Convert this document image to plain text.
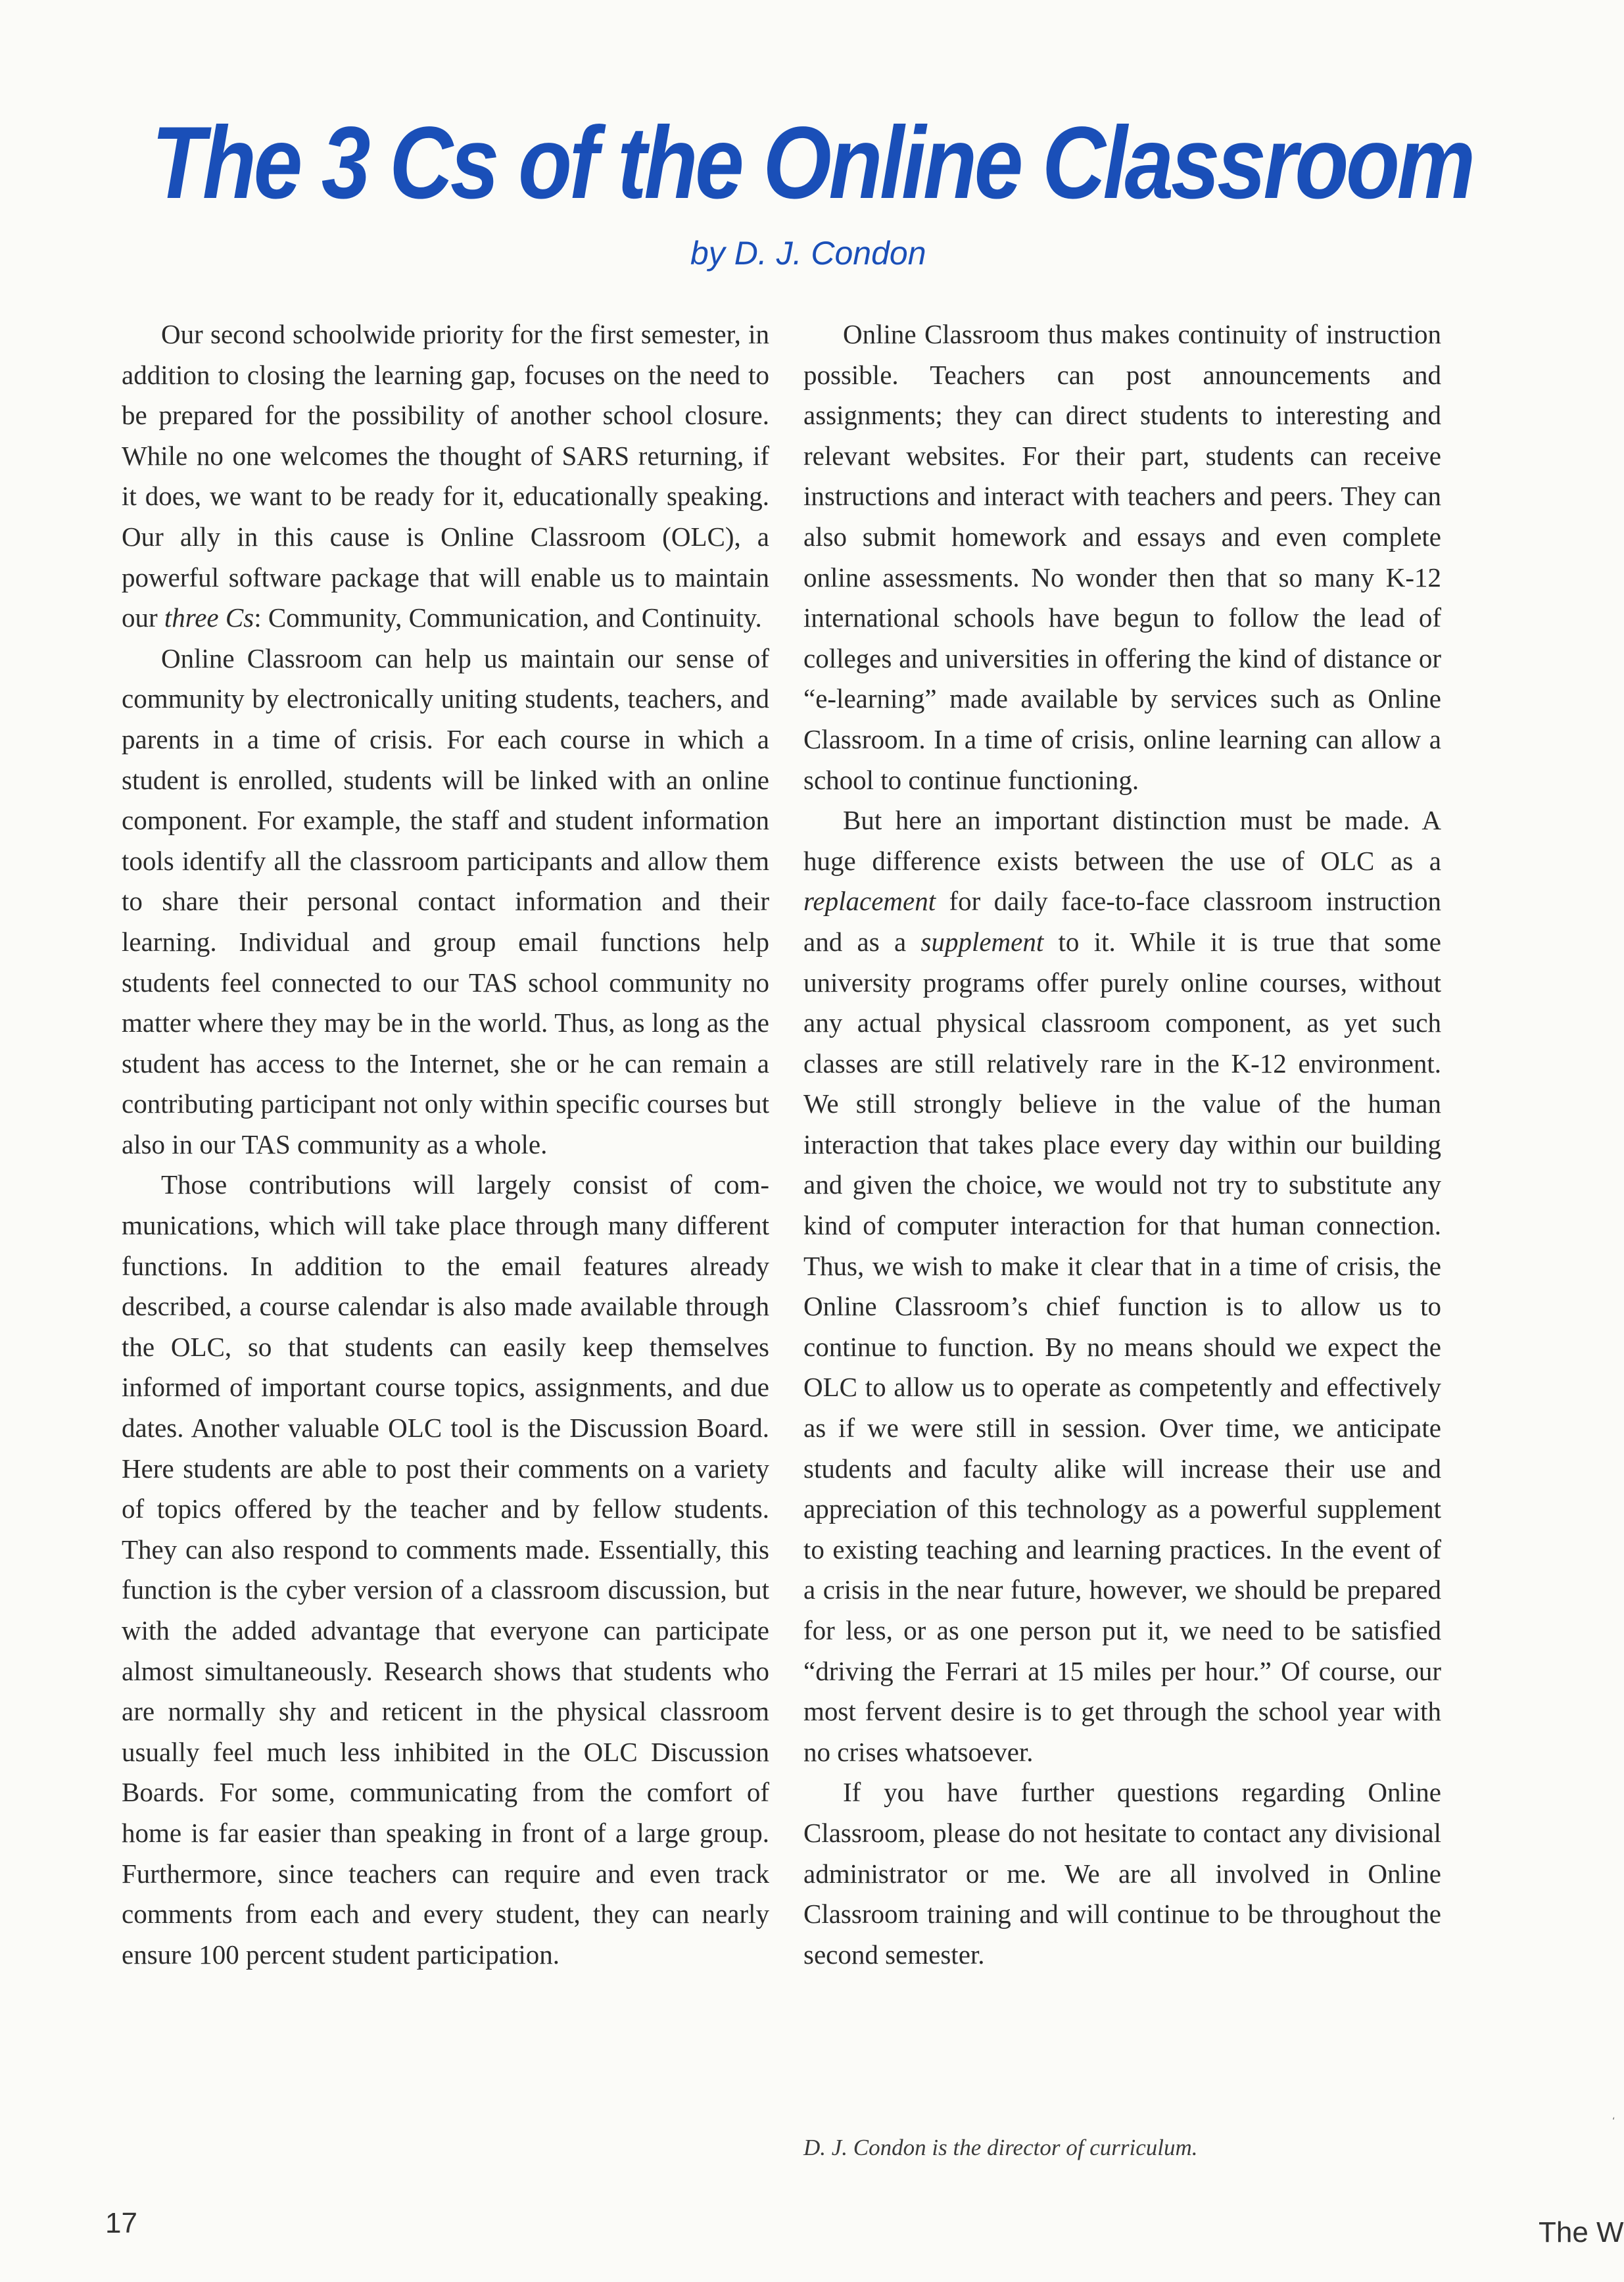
The 3 Cs of the Online Classroom
by D. J. Condon

Our second schoolwide priority for the first semester, in addition to closing the learning gap, focuses on the need to be prepared for the possibility of another school closure. While no one welcomes the thought of SARS returning, if it does, we want to be ready for it, educationally speaking. Our ally in this cause is Online Classroom (OLC), a powerful software package that will enable us to maintain our three Cs: Community, Communication, and Continuity.

Online Classroom can help us maintain our sense of community by electronically uniting students, teachers, and parents in a time of crisis. For each course in which a student is enrolled, students will be linked with an online component. For example, the staff and student information tools identify all the classroom participants and allow them to share their personal contact information and their learning. Individual and group email functions help students feel connected to our TAS school community no matter where they may be in the world. Thus, as long as the student has access to the Internet, she or he can remain a contributing participant not only within specific courses but also in our TAS community as a whole.

Those contributions will largely consist of communications, which will take place through many different functions. In addition to the email features already described, a course calendar is also made available through the OLC, so that students can easily keep themselves informed of important course topics, assignments, and due dates. Another valuable OLC tool is the Discussion Board. Here students are able to post their comments on a variety of topics offered by the teacher and by fellow students. They can also respond to comments made. Essentially, this function is the cyber version of a classroom discussion, but with the added advantage that everyone can participate almost simultaneously. Research shows that students who are normally shy and reticent in the physical classroom usually feel much less inhibited in the OLC Discussion Boards. For some, communicating from the comfort of home is far easier than speaking in front of a large group. Furthermore, since teachers can require and even track comments from each and every student, they can nearly ensure 100 percent student participation.

Online Classroom thus makes continuity of instruction possible. Teachers can post announcements and assignments; they can direct students to interesting and relevant websites. For their part, students can receive instructions and interact with teachers and peers. They can also submit homework and essays and even complete online assessments. No wonder then that so many K-12 international schools have begun to follow the lead of colleges and universities in offering the kind of distance or “e-learning” made available by services such as Online Classroom. In a time of crisis, online learning can allow a school to continue functioning.

But here an important distinction must be made. A huge difference exists between the use of OLC as a replacement for daily face-to-face classroom instruction and as a supplement to it. While it is true that some university programs offer purely online courses, without any actual physical classroom component, as yet such classes are still relatively rare in the K-12 environment. We still strongly believe in the value of the human interaction that takes place every day within our building and given the choice, we would not try to substitute any kind of computer interaction for that human connection. Thus, we wish to make it clear that in a time of crisis, the Online Classroom’s chief function is to allow us to continue to function. By no means should we expect the OLC to allow us to operate as competently and effectively as if we were still in session. Over time, we anticipate students and faculty alike will increase their use and appreciation of this technology as a powerful supplement to existing teaching and learning practices. In the event of a crisis in the near future, however, we should be prepared for less, or as one person put it, we need to be satisfied “driving the Ferrari at 15 miles per hour.” Of course, our most fervent desire is to get through the school year with no crises whatsoever.

If you have further questions regarding Online Classroom, please do not hesitate to contact any divisional administrator or me. We are all involved in Online Classroom training and will continue to be throughout the second semester.

D. J. Condon is the director of curriculum.
17	The W
‘
